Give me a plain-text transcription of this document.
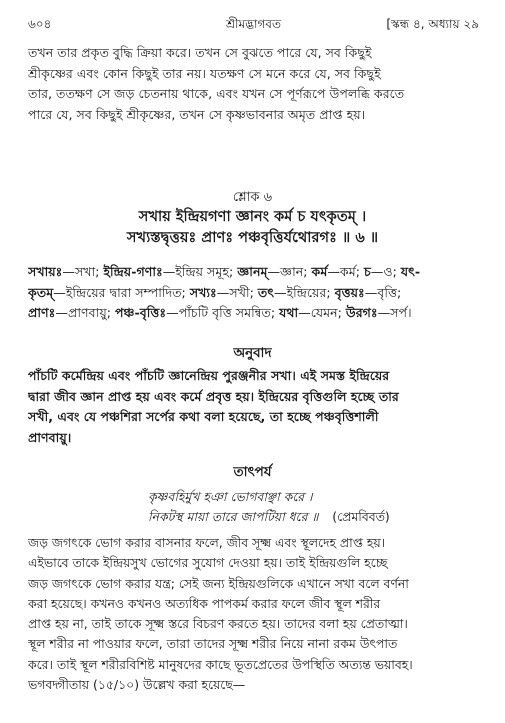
৬০৪	শ্রীমদ্ভাগবত	[স্কন্ধ ৪, অধ্যায় ২৯
তখন তার প্রকৃত বুদ্ধি ক্রিয়া করে। তখন সে বুঝতে পারে যে, সব কিছুই
শ্রীকৃষ্ণের এবং কোন কিছুই তার নয়। যতক্ষণ সে মনে করে যে, সব কিছুই
তার, ততক্ষণ সে জড় চেতনায় থাকে, এবং যখন সে পূর্ণরূপে উপলব্ধি করতে
পারে যে, সব কিছুই শ্রীকৃষ্ণের, তখন সে কৃষ্ণভাবনার অমৃত প্রাপ্ত হয়।
শ্লোক ৬
সখায় ইন্দ্রিয়গণা জ্ঞানং কর্ম চ যৎকৃতম্ ।
সখ্যস্তদ্বৃত্তয়ঃ প্রাণঃ পঞ্চবৃত্তির্যথোরগঃ ॥ ৬ ॥
সখায়ঃ—সখা; ইন্দ্রিয়-গণাঃ—ইন্দ্রিয় সমূহ; জ্ঞানম্—জ্ঞান; কর্ম—কর্ম; চ—ও; যৎ-
কৃতম্—ইন্দ্রিয়ের দ্বারা সম্পাদিত; সখ্যঃ—সখী; তৎ—ইন্দ্রিয়ের; বৃত্তয়ঃ—বৃত্তি;
প্রাণঃ—প্রাণবায়ু; পঞ্চ-বৃত্তিঃ—পাঁচটি বৃত্তি সমন্বিত; যথা—যেমন; উরগঃ—সর্প।
অনুবাদ
পাঁচটি কর্মেন্দ্রিয় এবং পাঁচটি জ্ঞানেন্দ্রিয় পুরঞ্জনীর সখা। এই সমস্ত ইন্দ্রিয়ের
দ্বারা জীব জ্ঞান প্রাপ্ত হয় এবং কর্মে প্রবৃত্ত হয়। ইন্দ্রিয়ের বৃত্তিগুলি হচ্ছে তার
সখী, এবং যে পঞ্চশিরা সর্পের কথা বলা হয়েছে, তা হচ্ছে পঞ্চবৃত্তিশালী
প্রাণবায়ু।
তাৎপর্য
কৃষ্ণবহির্মুখ হঞা ভোগবাঞ্ছা করে ।
নিকটস্থ মায়া তারে জাপটিয়া ধরে ॥ (প্রেমবিবর্ত)
জড় জগৎকে ভোগ করার বাসনার ফলে, জীব সূক্ষ্ম এবং স্থূলদেহ প্রাপ্ত হয়।
এইভাবে তাকে ইন্দ্রিয়সুখ ভোগের সুযোগ দেওয়া হয়। তাই ইন্দ্রিয়গুলি হচ্ছে
জড় জগৎকে ভোগ করার যন্ত্র; সেই জন্য ইন্দ্রিয়গুলিকে এখানে সখা বলে বর্ণনা
করা হয়েছে। কখনও কখনও অত্যধিক পাপকর্ম করার ফলে জীব স্থূল শরীর
প্রাপ্ত হয় না, তাই তাকে সূক্ষ্ম স্তরে বিচরণ করতে হয়। তাদের বলা হয় প্রেতাত্মা।
স্থূল শরীর না পাওয়ার ফলে, তারা তাদের সূক্ষ্ম শরীর নিয়ে নানা রকম উৎপাত
করে। তাই স্থূল শরীরবিশিষ্ট মানুষদের কাছে ভূতপ্রেতের উপস্থিতি অত্যন্ত ভয়াবহ।
ভগবদ্গীতায় (১৫/১০) উল্লেখ করা হয়েছে—
